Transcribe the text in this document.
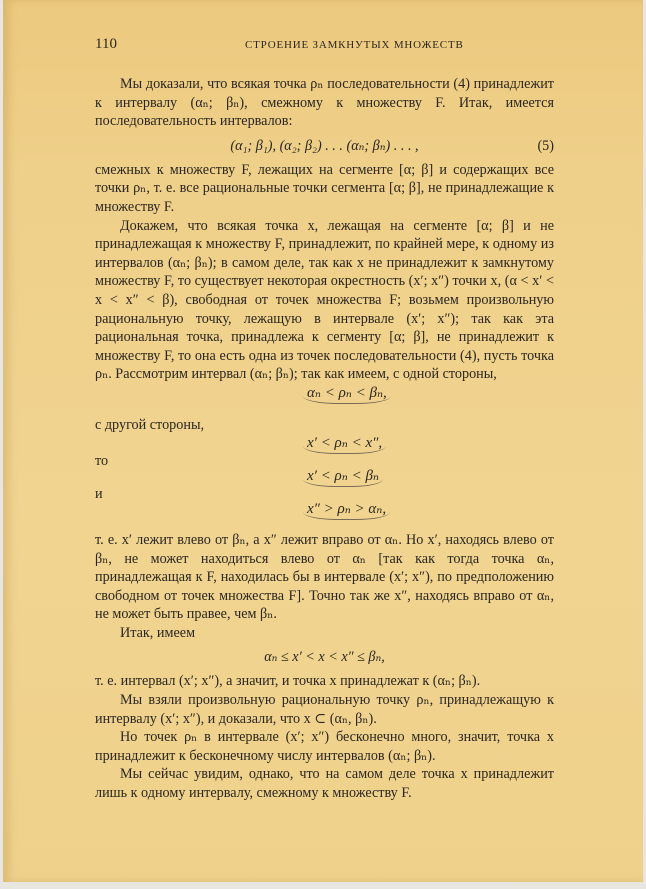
110	СТРОЕНИЕ ЗАМКНУТЫХ МНОЖЕСТВ

Мы доказали, что всякая точка ρₙ последовательности (4) принадлежит к интервалу (αₙ; βₙ), смежному к множеству F. Итак, имеется последовательность интервалов:

(α₁; β₁), (α₂; β₂) . . . (αₙ; βₙ) . . . ,	(5)

смежных к множеству F, лежащих на сегменте [α; β] и содержащих все точки ρₙ, т. е. все рациональные точки сегмента [α; β], не принадлежащие к множеству F.

Докажем, что всякая точка x, лежащая на сегменте [α; β] и не принадлежащая к множеству F, принадлежит, по крайней мере, к одному из интервалов (αₙ; βₙ); в самом деле, так как x не принадлежит к замкнутому множеству F, то существует некоторая окрестность (x′; x″) точки x, (α < x′ < x < x″ < β), свободная от точек множества F; возьмем произвольную рациональную точку, лежащую в интервале (x′; x″); так как эта рациональная точка, принадлежа к сегменту [α; β], не принадлежит к множеству F, то она есть одна из точек последовательности (4), пусть точка ρₙ. Рассмотрим интервал (αₙ; βₙ); так как имеем, с одной стороны,

αₙ < ρₙ < βₙ,
с другой стороны,
x′ < ρₙ < x″,
то
x′ < ρₙ < βₙ
и
x″ > ρₙ > αₙ,

т. е. x′ лежит влево от βₙ, а x″ лежит вправо от αₙ. Но x′, находясь влево от βₙ, не может находиться влево от αₙ [так как тогда точка αₙ, принадлежащая к F, находилась бы в интервале (x′; x″), по предположению свободном от точек множества F]. Точно так же x″, находясь вправо от αₙ, не может быть правее, чем βₙ.

Итак, имеем

αₙ ≤ x′ < x < x″ ≤ βₙ,

т. е. интервал (x′; x″), а значит, и точка x принадлежат к (αₙ; βₙ).

Мы взяли произвольную рациональную точку ρₙ, принадлежащую к интервалу (x′; x″), и доказали, что x ⊂ (αₙ, βₙ).

Но точек ρₙ в интервале (x′; x″) бесконечно много, значит, точка x принадлежит к бесконечному числу интервалов (αₙ; βₙ).

Мы сейчас увидим, однако, что на самом деле точка x принадлежит лишь к одному интервалу, смежному к множеству F.
